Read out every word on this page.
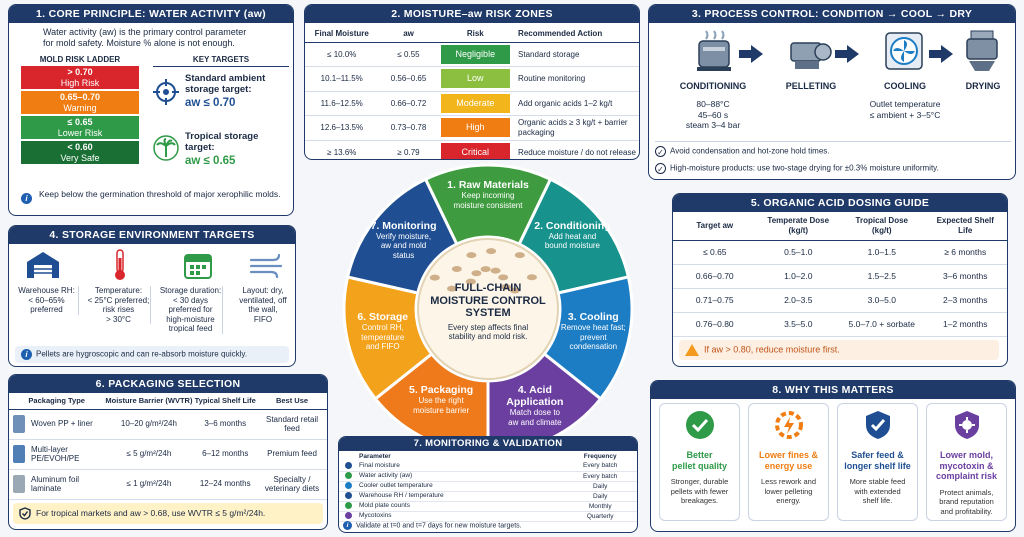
1. CORE PRINCIPLE: WATER ACTIVITY (aw)
Water activity (aw) is the primary control parameter for mold safety. Moisture % alone is not enough.
MOLD RISK LADDER
> 0.70
High Risk
0.65–0.70
Warning
≤ 0.65
Lower Risk
< 0.60
Very Safe
KEY TARGETS
Standard ambient storage target:
aw ≤ 0.70
Tropical storage target:
aw ≤ 0.65
i	Keep below the germination threshold of major xerophilic molds.
2. MOISTURE–aw RISK ZONES
Final Moisture	aw	Risk	Recommended Action
≤ 10.0%	≤ 0.55	Negligible	Standard storage
10.1–11.5%	0.56–0.65	Low	Routine monitoring
11.6–12.5%	0.66–0.72	Moderate	Add organic acids 1–2 kg/t
12.6–13.5%	0.73–0.78	High	Organic acids ≥ 3 kg/t + barrier packaging
≥ 13.6%	≥ 0.79	Critical	Reduce moisture / do not release
3. PROCESS CONTROL: CONDITION → COOL → DRY
CONDITIONING	PELLETING	COOLING	DRYING
80–88°C
45–60 s
steam 3–4 bar
Outlet temperature
≤ ambient + 3–5°C
✓ Avoid condensation and hot-zone hold times.
✓ High-moisture products: use two-stage drying for ±0.3% moisture uniformity.
4. STORAGE ENVIRONMENT TARGETS
Warehouse RH:
< 60–65%
preferred
Temperature:
< 25°C preferred;
risk rises
> 30°C
Storage duration:
< 30 days
preferred for
high-moisture
tropical feed
Layout: dry,
ventilated, off
the wall,
FIFO
i Pellets are hygroscopic and can re-absorb moisture quickly.
1. Raw Materials
Keep incoming
moisture consistent
2. Conditioning
Add heat and
bound moisture
3. Cooling
Remove heat fast;
prevent
condensation
4. Acid Application
Match dose to
aw and climate
5. Packaging
Use the right
moisture barrier
6. Storage
Control RH,
temperature
and FIFO
7. Monitoring
Verify moisture,
aw and mold
status
FULL-CHAIN
MOISTURE CONTROL
SYSTEM
Every step affects final
stability and mold risk.
5. ORGANIC ACID DOSING GUIDE
Target aw	Temperate Dose (kg/t)	Tropical Dose (kg/t)	Expected Shelf Life
≤ 0.65	0.5–1.0	1.0–1.5	≥ 6 months
0.66–0.70	1.0–2.0	1.5–2.5	3–6 months
0.71–0.75	2.0–3.5	3.0–5.0	2–3 months
0.76–0.80	3.5–5.0	5.0–7.0 + sorbate	1–2 months
If aw > 0.80, reduce moisture first.
6. PACKAGING SELECTION
Packaging Type	Moisture Barrier (WVTR)	Typical Shelf Life	Best Use
Woven PP + liner	10–20 g/m²/24h	3–6 months	Standard retail feed
Multi-layer PE/EVOH/PE	≤ 5 g/m²/24h	6–12 months	Premium feed
Aluminum foil laminate	≤ 1 g/m²/24h	12–24 months	Specialty / veterinary diets
For tropical markets and aw > 0.68, use WVTR ≤ 5 g/m²/24h.
7. MONITORING & VALIDATION
Parameter	Frequency
Final moisture	Every batch
Water activity (aw)	Every batch
Cooler outlet temperature	Daily
Warehouse RH / temperature	Daily
Mold plate counts	Monthly
Mycotoxins	Quarterly
i Validate at t=0 and t=7 days for new moisture targets.
8. WHY THIS MATTERS
Better
pellet quality
Stronger, durable
pellets with fewer
breakages.
Lower fines &
energy use
Less rework and
lower pelleting
energy.
Safer feed &
longer shelf life
More stable feed
with extended
shelf life.
Lower mold,
mycotoxin &
complaint risk
Protect animals,
brand reputation
and profitability.
